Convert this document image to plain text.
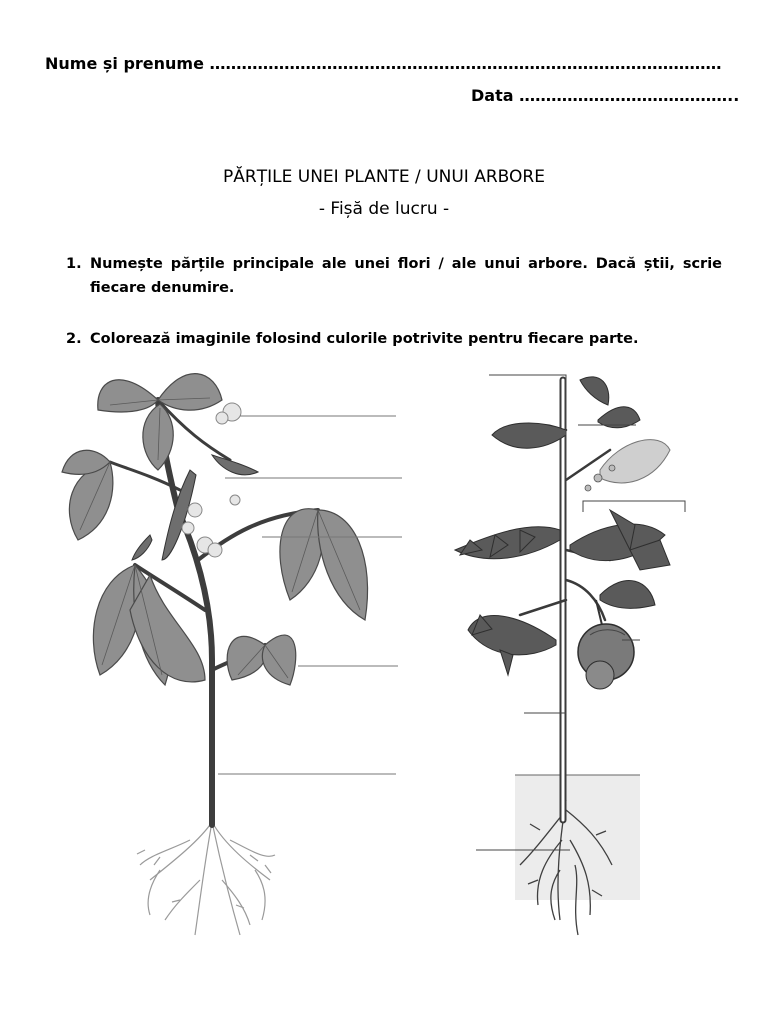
Nume și prenume ……………………………………………………………………………………
Data …………………………………..
PĂRȚILE UNEI PLANTE / UNUI ARBORE
- Fișă de lucru -
1. Numește părțile principale ale unei flori / ale unui arbore. Dacă știi, scrie fiecare denumire.
2. Colorează imaginile folosind culorile potrivite pentru fiecare parte.
